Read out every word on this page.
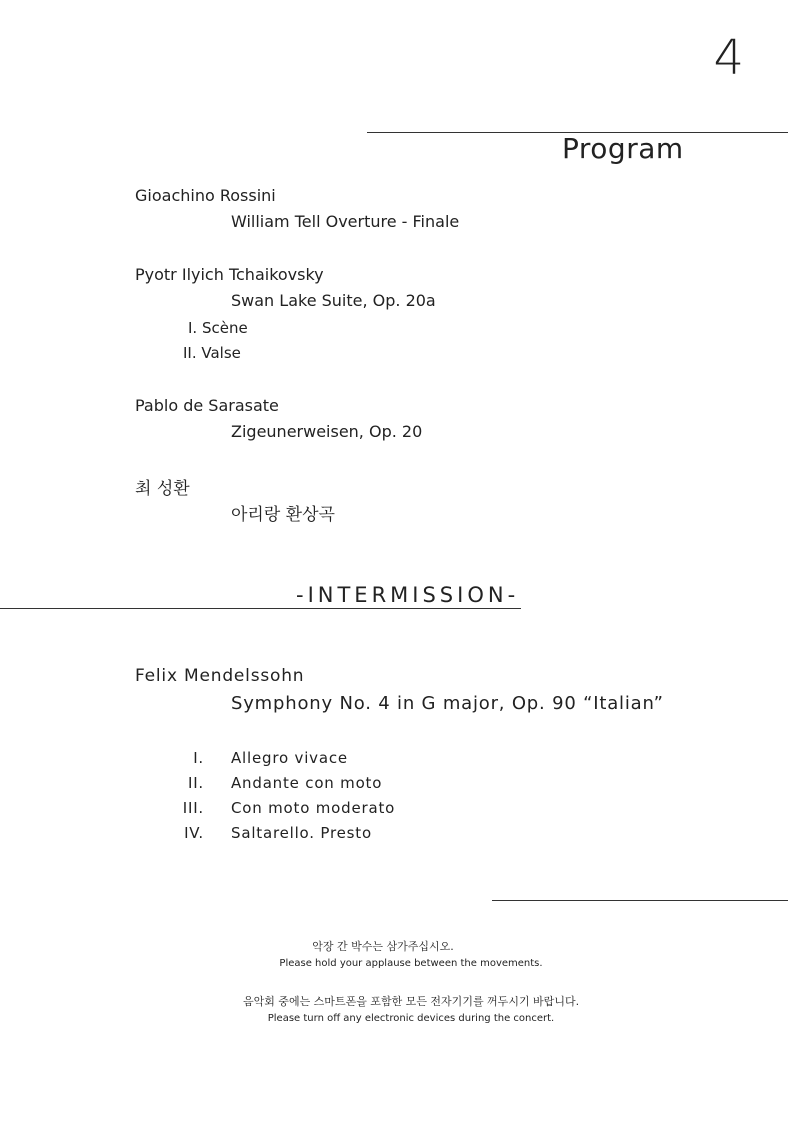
4
Program
Gioachino Rossini
William Tell Overture - Finale
Pyotr Ilyich Tchaikovsky
Swan Lake Suite, Op. 20a
I. Scène
II. Valse
Pablo de Sarasate
Zigeunerweisen, Op. 20
최 성환
아리랑 환상곡
-INTERMISSION-
Felix Mendelssohn
Symphony No. 4 in G major, Op. 90 “Italian”
I. Allegro vivace
II. Andante con moto
III. Con moto moderato
IV. Saltarello. Presto
악장 간 박수는 삼가주십시오.
Please hold your applause between the movements.
음악회 중에는 스마트폰을 포함한 모든 전자기기를 꺼두시기 바랍니다.
Please turn off any electronic devices during the concert.
